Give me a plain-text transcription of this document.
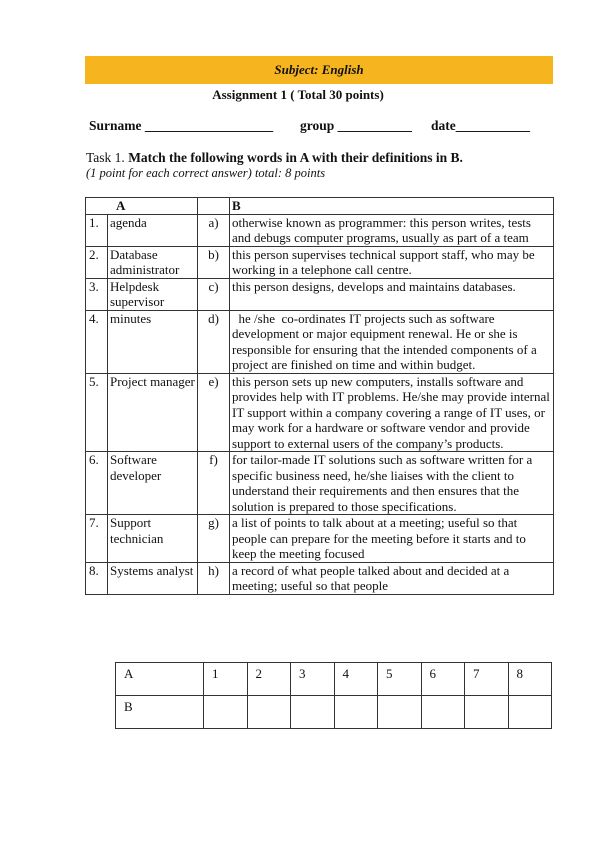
Subject: English
Assignment 1 ( Total 30 points)
Surname ___________________ group ___________ date___________
Task 1. Match the following words in A with their definitions in B.
(1 point for each correct answer) total: 8 points
A			B
1.	agenda	a)	otherwise known as programmer: this person writes, tests and debugs computer programs, usually as part of a team
2.	Database administrator	b)	this person supervises technical support staff, who may be working in a telephone call centre.
3.	Helpdesk supervisor	c)	this person designs, develops and maintains databases.
4.	minutes	d)	he /she  co-ordinates IT projects such as software development or major equipment renewal. He or she is responsible for ensuring that the intended components of a project are finished on time and within budget.
5.	Project manager	e)	this person sets up new computers, installs software and provides help with IT problems. He/she may provide internal IT support within a company covering a range of IT uses, or may work for a hardware or software vendor and provide support to external users of the company’s products.
6.	Software developer	f)	for tailor-made IT solutions such as software written for a specific business need, he/she liaises with the client to understand their requirements and then ensures that the solution is prepared to those specifications.
7.	Support technician	g)	a list of points to talk about at a meeting; useful so that people can prepare for the meeting before it starts and to keep the meeting focused
8.	Systems analyst	h)	a record of what people talked about and decided at a meeting; useful so that people
A	1	2	3	4	5	6	7	8
B								
